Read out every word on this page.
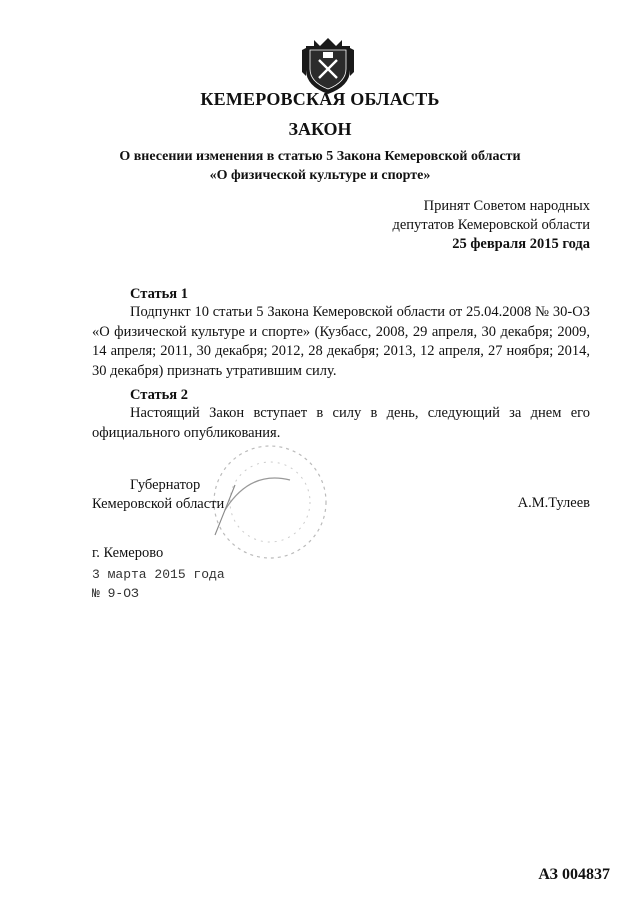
КЕМЕРОВСКАЯ ОБЛАСТЬ
ЗАКОН
О внесении изменения в статью 5 Закона Кемеровской области
«О физической культуре и спорте»
Принят Советом народных
депутатов Кемеровской области
25 февраля 2015 года
Статья 1
Подпункт 10 статьи 5 Закона Кемеровской области от 25.04.2008 № 30-ОЗ «О физической культуре и спорте» (Кузбасс, 2008, 29 апреля, 30 декабря; 2009, 14 апреля; 2011, 30 декабря; 2012, 28 декабря; 2013, 12 апреля, 27 ноября; 2014, 30 декабря) признать утратившим силу.
Статья 2
Настоящий Закон вступает в силу в день, следующий за днем его официального опубликования.
Губернатор
Кемеровской области	А.М.Тулеев
г. Кемерово
3 марта 2015 года
№ 9-ОЗ
АЗ 004837
